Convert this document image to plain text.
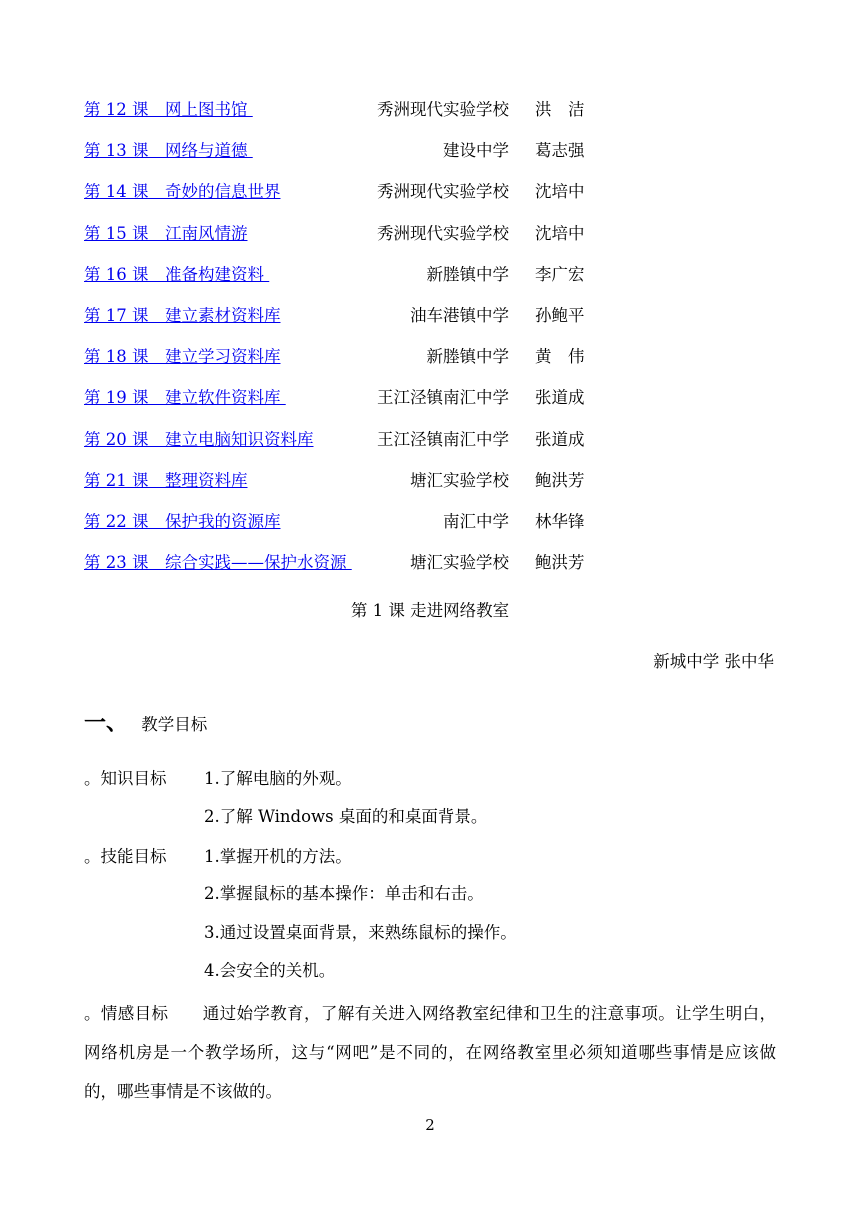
第 12 课　网上图书馆	秀洲现代实验学校 洪　洁
第 13 课　网络与道德	建设中学 葛志强
第 14 课　奇妙的信息世界	秀洲现代实验学校 沈培中
第 15 课　江南风情游	秀洲现代实验学校 沈培中
第 16 课　准备构建资料	新塍镇中学 李广宏
第 17 课　建立素材资料库	油车港镇中学 孙鲍平
第 18 课　建立学习资料库	新塍镇中学 黄　伟
第 19 课　建立软件资料库	王江泾镇南汇中学 张道成
第 20 课　建立电脑知识资料库	王江泾镇南汇中学 张道成
第 21 课　整理资料库	塘汇实验学校 鲍洪芳
第 22 课　保护我的资源库	南汇中学 林华锋
第 23 课　综合实践——保护水资源	塘汇实验学校 鲍洪芳
第 1 课 走进网络教室
新城中学 张中华
一、 教学目标
。知识目标 1.了解电脑的外观。
2.了解 Windows 桌面的和桌面背景。
。技能目标 1.掌握开机的方法。
2.掌握鼠标的基本操作：单击和右击。
3.通过设置桌面背景，来熟练鼠标的操作。
4.会安全的关机。
。情感目标 通过始学教育，了解有关进入网络教室纪律和卫生的注意事项。让学生明白，网络机房是一个教学场所，这与“网吧”是不同的，在网络教室里必须知道哪些事情是应该做的，哪些事情是不该做的。
2
